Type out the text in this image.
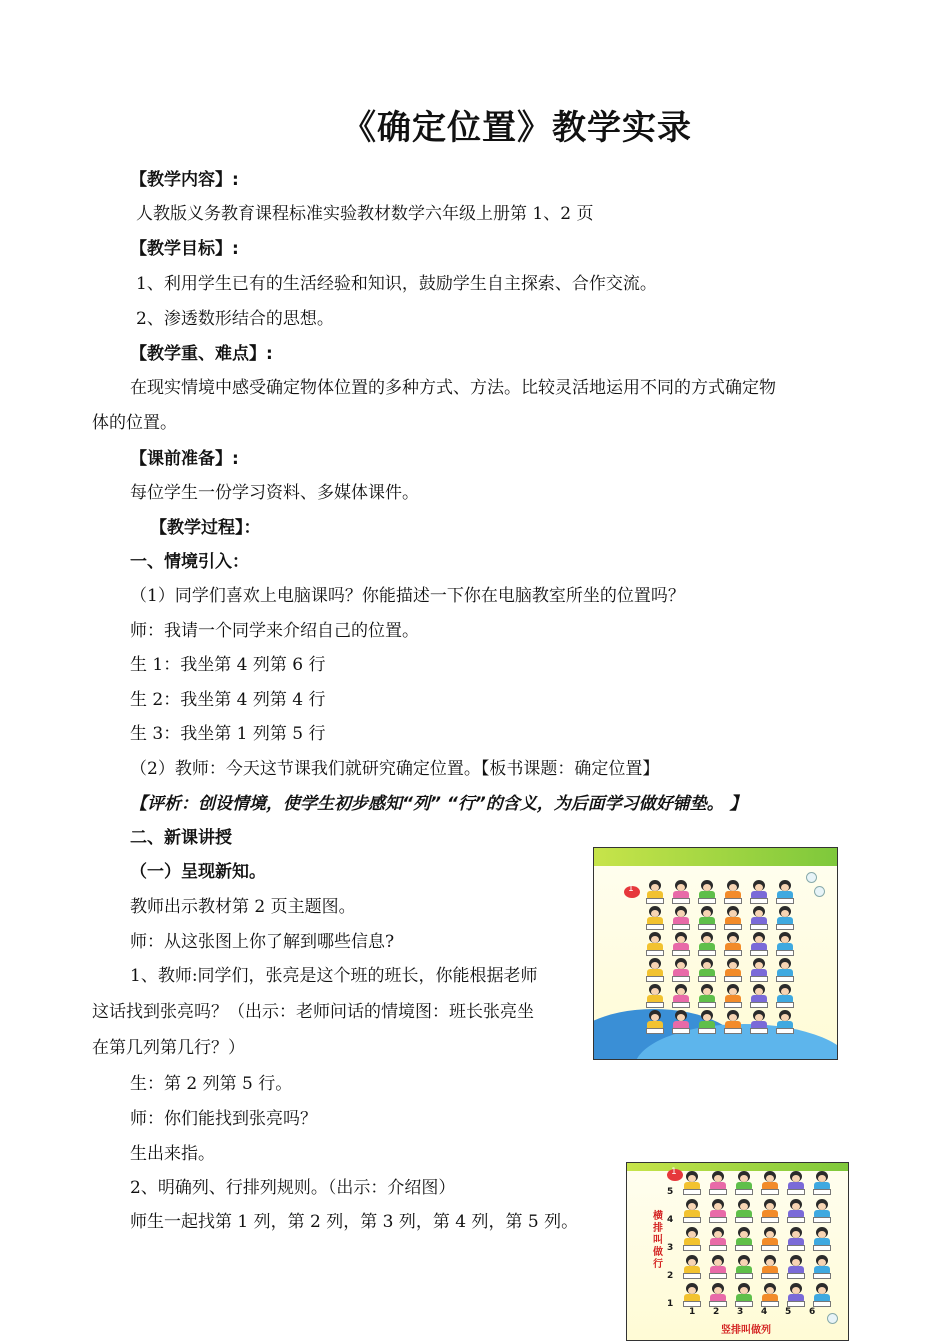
《确定位置》教学实录
【教学内容】:
人教版义务教育课程标准实验教材数学六年级上册第 1、2 页
【教学目标】:
1、利用学生已有的生活经验和知识，鼓励学生自主探索、合作交流。
2、渗透数形结合的思想。
【教学重、难点】:
在现实情境中感受确定物体位置的多种方式、方法。比较灵活地运用不同的方式确定物
体的位置。
【课前准备】:
每位学生一份学习资料、多媒体课件。
【教学过程】：
一、情境引入：
（1）同学们喜欢上电脑课吗？你能描述一下你在电脑教室所坐的位置吗？
师：我请一个同学来介绍自己的位置。
生 1：我坐第 4 列第 6 行
生 2：我坐第 4 列第 4 行
生 3：我坐第 1 列第 5 行
（2）教师：今天这节课我们就研究确定位置。【板书课题：确定位置】
【评析：创设情境，使学生初步感知“列” “行”的含义，为后面学习做好铺垫。 】
二、新课讲授
（一）呈现新知。
教师出示教材第 2 页主题图。
师：从这张图上你了解到哪些信息?
1、教师:同学们，张亮是这个班的班长，你能根据老师
这话找到张亮吗？（出示：老师问话的情境图：班长张亮坐
在第几列第几行？）
生：第 2 列第 5 行。
师：你们能找到张亮吗？
生出来指。
2、明确列、行排列规则。（出示：介绍图）
师生一起找第 1 列，第 2 列，第 3 列，第 4 列，第 5 列。
1
1
横排叫做行
5
4
3
2
1
1 2 3 4 5 6
竖排叫做列
